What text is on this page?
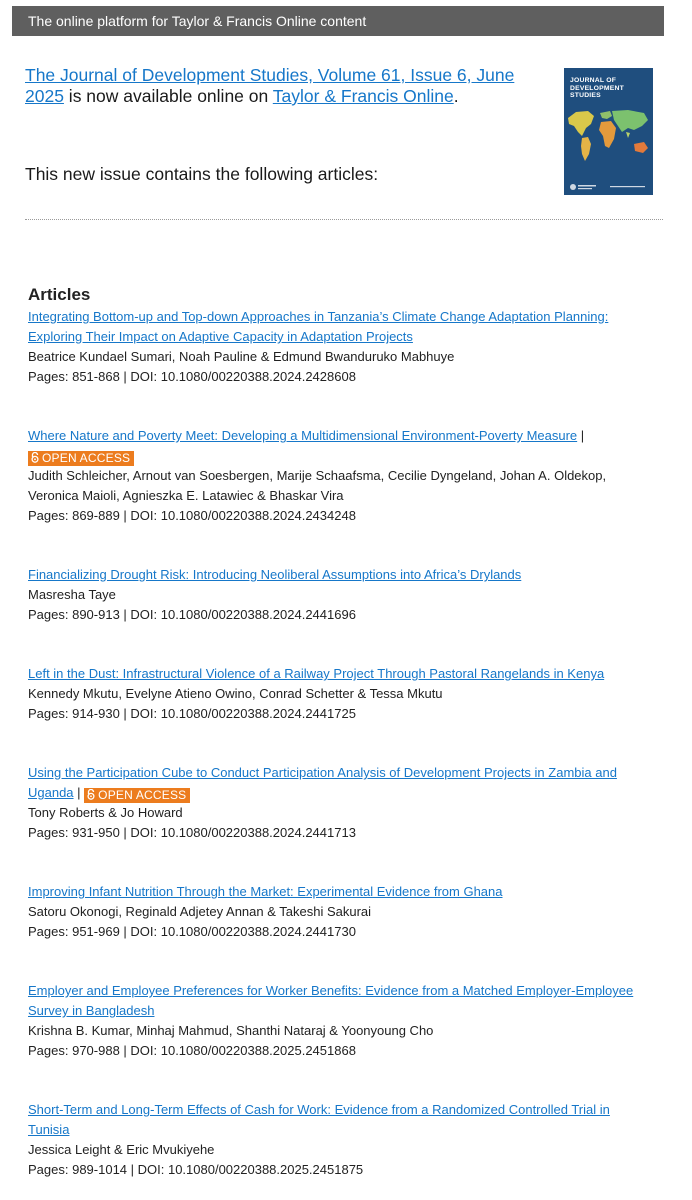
The online platform for Taylor & Francis Online content
The Journal of Development Studies, Volume 61, Issue 6, June 2025 is now available online on Taylor & Francis Online.
JOURNAL OF
DEVELOPMENT
STUDIES
This new issue contains the following articles:
Articles
Integrating Bottom-up and Top-down Approaches in Tanzania’s Climate Change Adaptation Planning: Exploring Their Impact on Adaptive Capacity in Adaptation Projects
Beatrice Kundael Sumari, Noah Pauline & Edmund Bwanduruko Mabhuye
Pages: 851-868 | DOI: 10.1080/00220388.2024.2428608
Where Nature and Poverty Meet: Developing a Multidimensional Environment-Poverty Measure |
OPEN ACCESS
Judith Schleicher, Arnout van Soesbergen, Marije Schaafsma, Cecilie Dyngeland, Johan A. Oldekop, Veronica Maioli, Agnieszka E. Latawiec & Bhaskar Vira
Pages: 869-889 | DOI: 10.1080/00220388.2024.2434248
Financializing Drought Risk: Introducing Neoliberal Assumptions into Africa’s Drylands
Masresha Taye
Pages: 890-913 | DOI: 10.1080/00220388.2024.2441696
Left in the Dust: Infrastructural Violence of a Railway Project Through Pastoral Rangelands in Kenya
Kennedy Mkutu, Evelyne Atieno Owino, Conrad Schetter & Tessa Mkutu
Pages: 914-930 | DOI: 10.1080/00220388.2024.2441725
Using the Participation Cube to Conduct Participation Analysis of Development Projects in Zambia and Uganda | OPEN ACCESS
Tony Roberts & Jo Howard
Pages: 931-950 | DOI: 10.1080/00220388.2024.2441713
Improving Infant Nutrition Through the Market: Experimental Evidence from Ghana
Satoru Okonogi, Reginald Adjetey Annan & Takeshi Sakurai
Pages: 951-969 | DOI: 10.1080/00220388.2024.2441730
Employer and Employee Preferences for Worker Benefits: Evidence from a Matched Employer-Employee Survey in Bangladesh
Krishna B. Kumar, Minhaj Mahmud, Shanthi Nataraj & Yoonyoung Cho
Pages: 970-988 | DOI: 10.1080/00220388.2025.2451868
Short-Term and Long-Term Effects of Cash for Work: Evidence from a Randomized Controlled Trial in Tunisia
Jessica Leight & Eric Mvukiyehe
Pages: 989-1014 | DOI: 10.1080/00220388.2025.2451875
